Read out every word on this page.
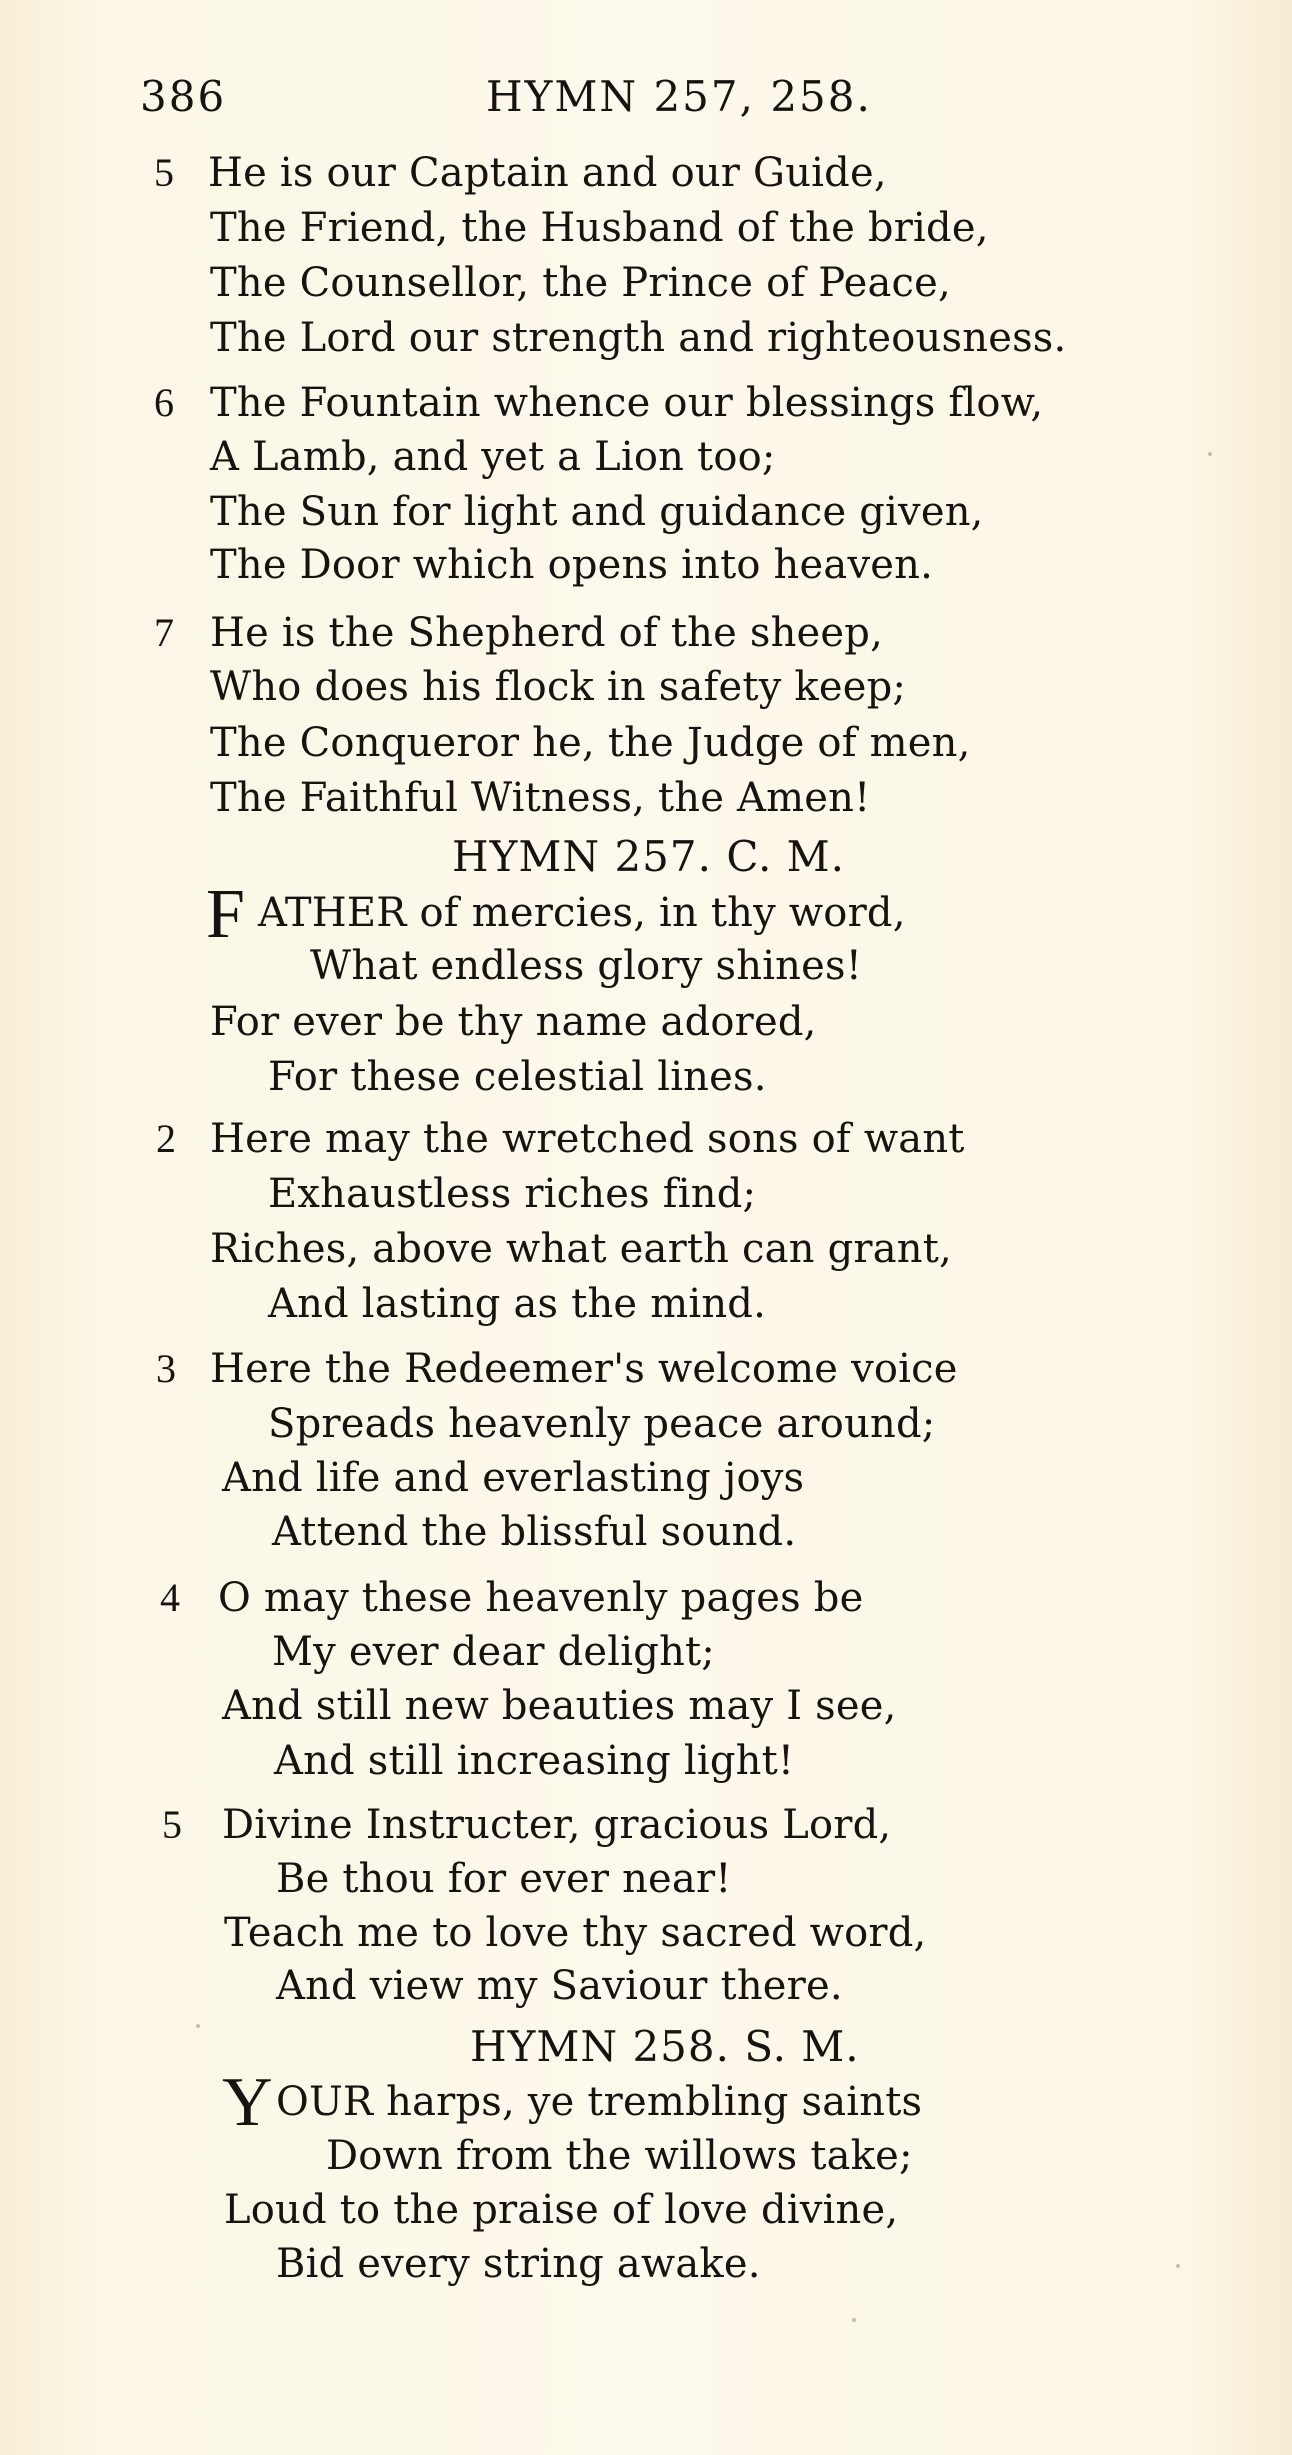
386	HYMN 257, 258.
5 He is our Captain and our Guide,
The Friend, the Husband of the bride,
The Counsellor, the Prince of Peace,
The Lord our strength and righteousness.
6 The Fountain whence our blessings flow,
A Lamb, and yet a Lion too;
The Sun for light and guidance given,
The Door which opens into heaven.
7 He is the Shepherd of the sheep,
Who does his flock in safety keep;
The Conqueror he, the Judge of men,
The Faithful Witness, the Amen!
HYMN 257. C. M.
F ATHER of mercies, in thy word,
What endless glory shines!
For ever be thy name adored,
For these celestial lines.
2 Here may the wretched sons of want
Exhaustless riches find;
Riches, above what earth can grant,
And lasting as the mind.
3 Here the Redeemer's welcome voice
Spreads heavenly peace around;
And life and everlasting joys
Attend the blissful sound.
4 O may these heavenly pages be
My ever dear delight;
And still new beauties may I see,
And still increasing light!
5 Divine Instructer, gracious Lord,
Be thou for ever near!
Teach me to love thy sacred word,
And view my Saviour there.
HYMN 258. S. M.
Y OUR harps, ye trembling saints
Down from the willows take;
Loud to the praise of love divine,
Bid every string awake.
